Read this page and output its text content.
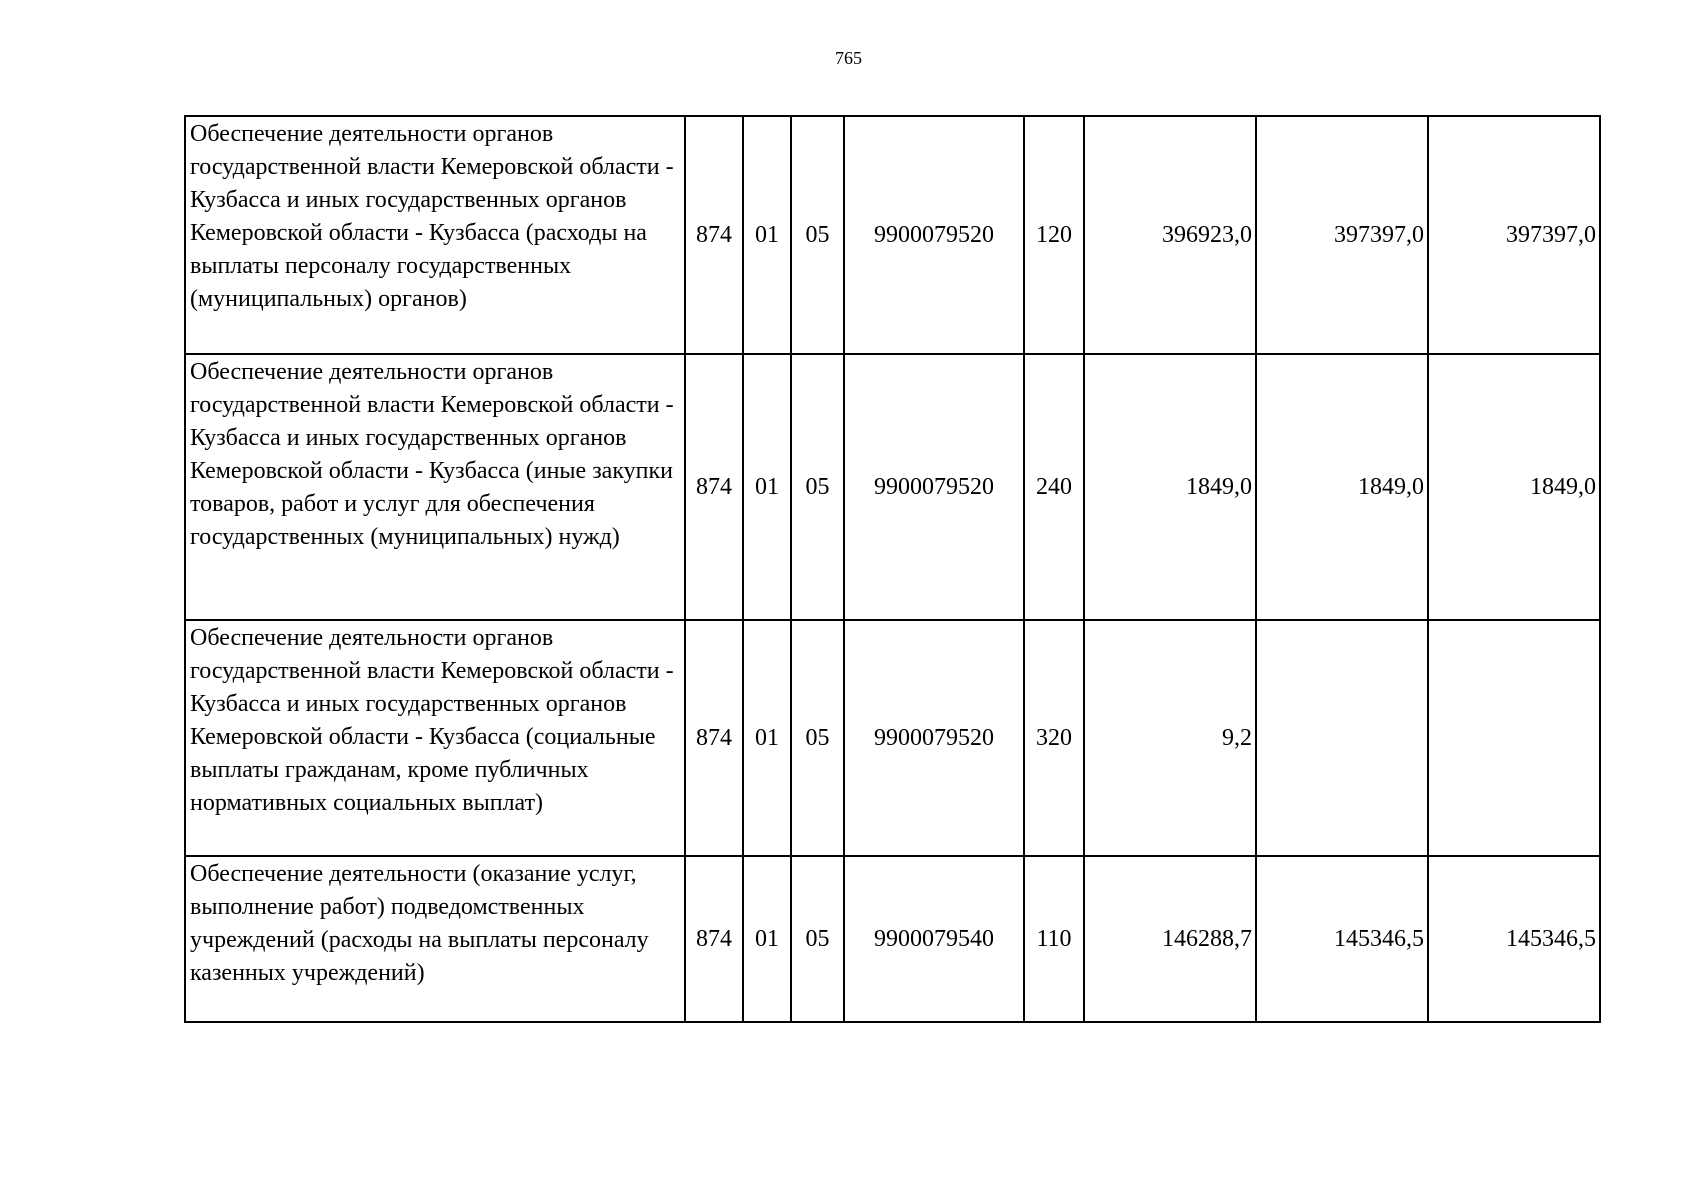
765
Обеспечение деятельности органов государственной власти Кемеровской области - Кузбасса и иных государственных органов Кемеровской области - Кузбасса (расходы на выплаты персоналу государственных (муниципальных) органов)	874	01	05	9900079520	120	396923,0	397397,0	397397,0
Обеспечение деятельности органов государственной власти Кемеровской области - Кузбасса и иных государственных органов Кемеровской области - Кузбасса (иные закупки товаров, работ и услуг для обеспечения государственных (муниципальных) нужд)	874	01	05	9900079520	240	1849,0	1849,0	1849,0
Обеспечение деятельности органов государственной власти Кемеровской области - Кузбасса и иных государственных органов Кемеровской области - Кузбасса (социальные выплаты гражданам, кроме публичных нормативных социальных выплат)	874	01	05	9900079520	320	9,2		
Обеспечение деятельности (оказание услуг, выполнение работ) подведомственных учреждений (расходы на выплаты персоналу казенных учреждений)	874	01	05	9900079540	110	146288,7	145346,5	145346,5
